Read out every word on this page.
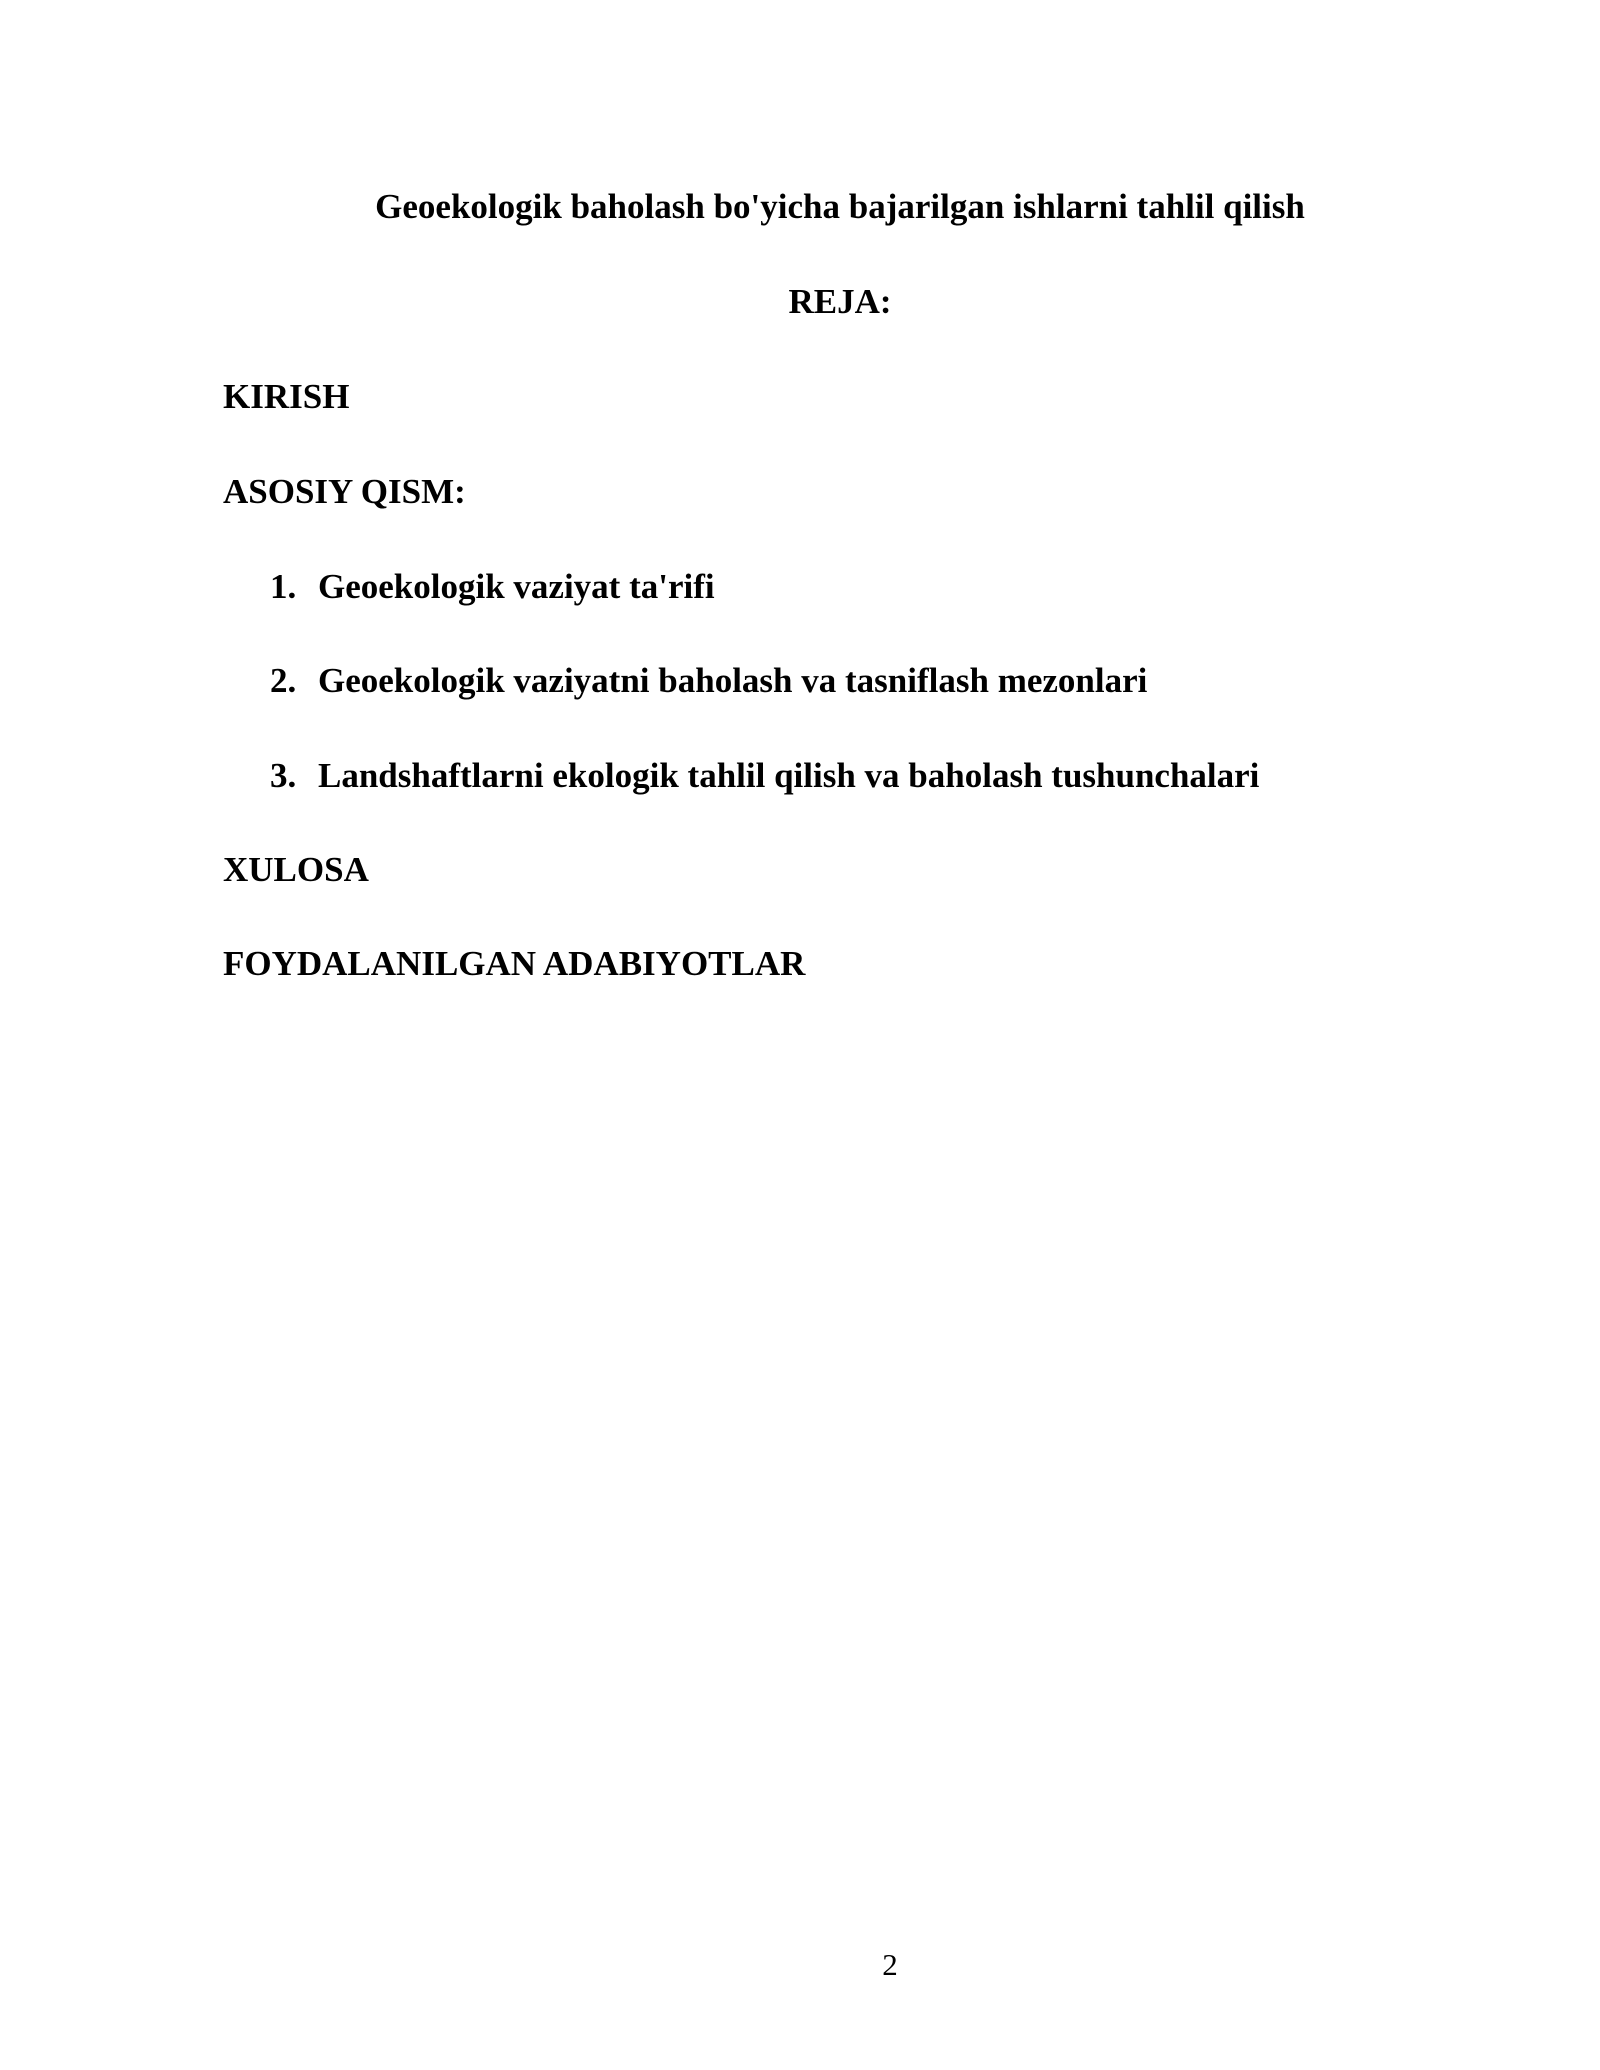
Geoekologik baholash bo'yicha bajarilgan ishlarni tahlil qilish
REJA:
KIRISH
ASOSIY QISM:
1. Geoekologik vaziyat ta'rifi
2. Geoekologik vaziyatni baholash va tasniflash mezonlari
3. Landshaftlarni ekologik tahlil qilish va baholash tushunchalari
XULOSA
FOYDALANILGAN ADABIYOTLAR
2
